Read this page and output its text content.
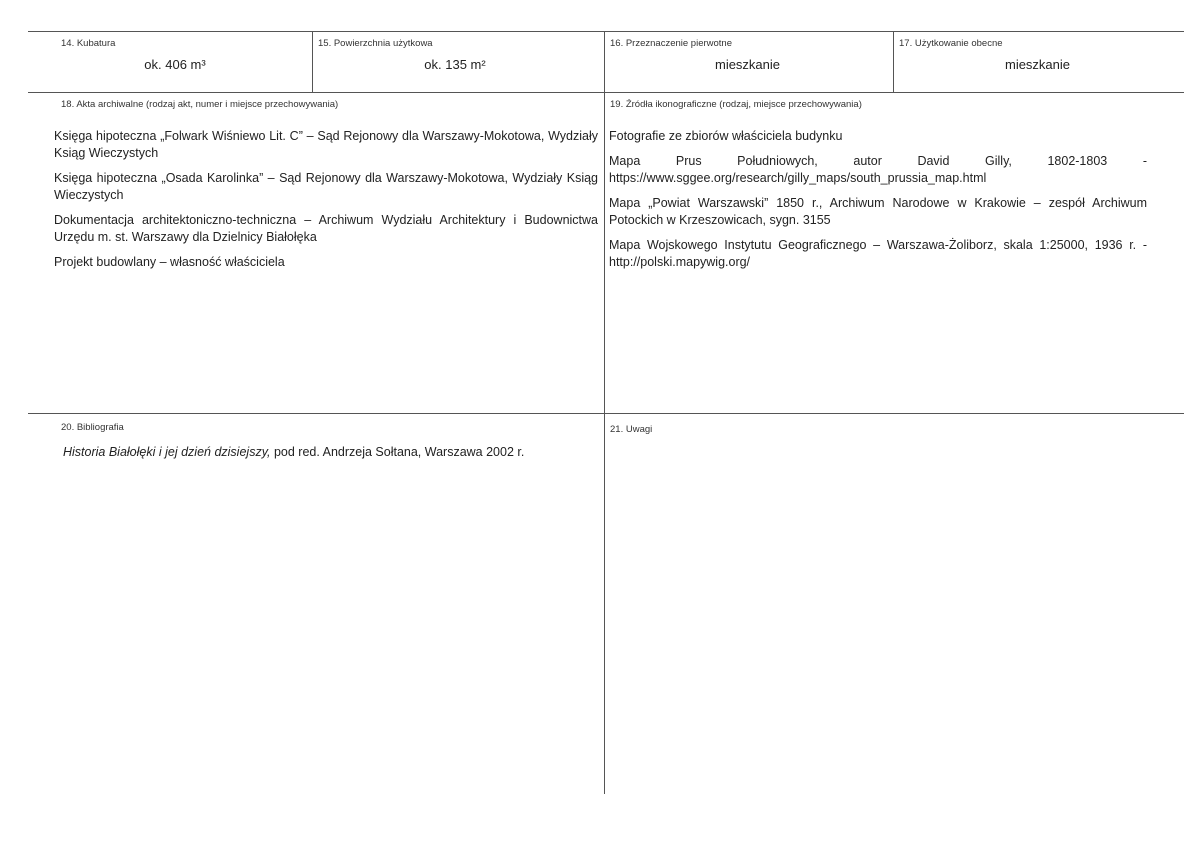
14. Kubatura
ok. 406 m³
15. Powierzchnia użytkowa
ok. 135 m²
16. Przeznaczenie pierwotne
mieszkanie
17. Użytkowanie obecne
mieszkanie
18. Akta archiwalne (rodzaj akt, numer i miejsce przechowywania)

Księga hipoteczna „Folwark Wiśniewo Lit. C” – Sąd Rejonowy dla Warszawy-Mokotowa, Wydziały Ksiąg Wieczystych

Księga hipoteczna „Osada Karolinka” – Sąd Rejonowy dla Warszawy-Mokotowa, Wydziały Ksiąg Wieczystych

Dokumentacja architektoniczno-techniczna – Archiwum Wydziału Architektury i Budownictwa Urzędu m. st. Warszawy dla Dzielnicy Białołęka

Projekt budowlany – własność właściciela

19. Źródła ikonograficzne (rodzaj, miejsce przechowywania)

Fotografie ze zbiorów właściciela budynku

Mapa Prus Południowych, autor David Gilly, 1802-1803 - https://www.sggee.org/research/gilly_maps/south_prussia_map.html

Mapa „Powiat Warszawski” 1850 r., Archiwum Narodowe w Krakowie – zespół Archiwum Potockich w Krzeszowicach, sygn. 3155

Mapa Wojskowego Instytutu Geograficznego – Warszawa-Żoliborz, skala 1:25000, 1936 r. - http://polski.mapywig.org/

20. Bibliografia

Historia Białołęki i jej dzień dzisiejszy, pod red. Andrzeja Sołtana, Warszawa 2002 r.

21. Uwagi
